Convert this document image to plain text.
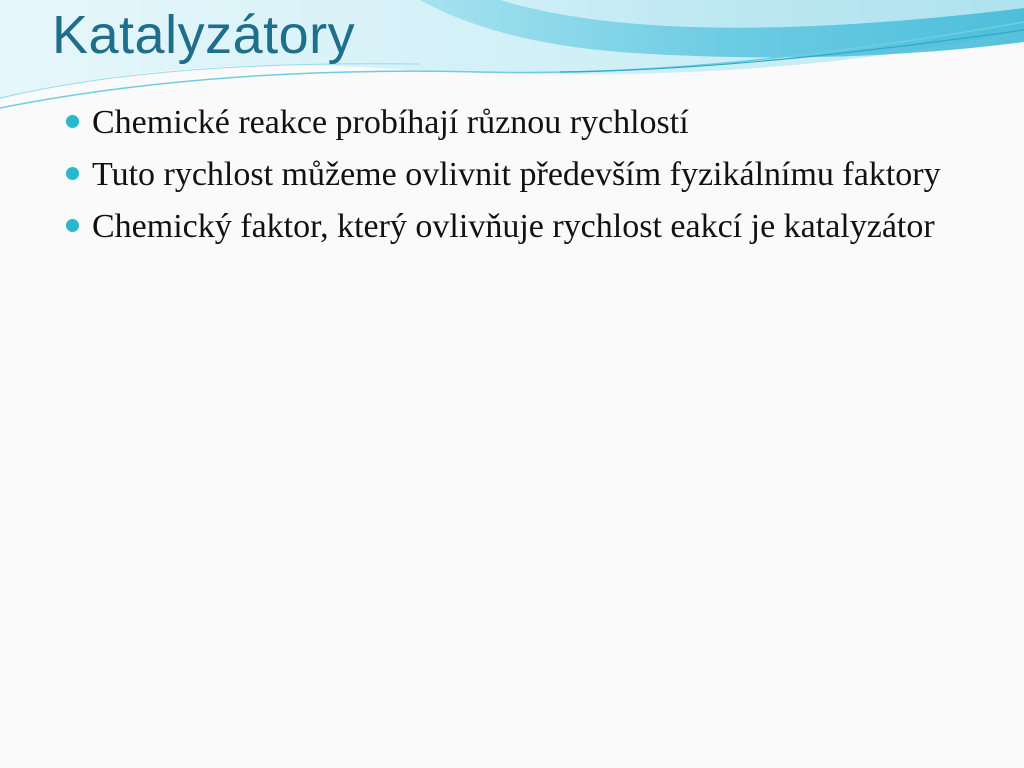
Katalyzátory
Chemické reakce probíhají různou rychlostí
Tuto rychlost můžeme ovlivnit především fyzikálnímu faktory
Chemický faktor, který ovlivňuje rychlost eakcí je katalyzátor
